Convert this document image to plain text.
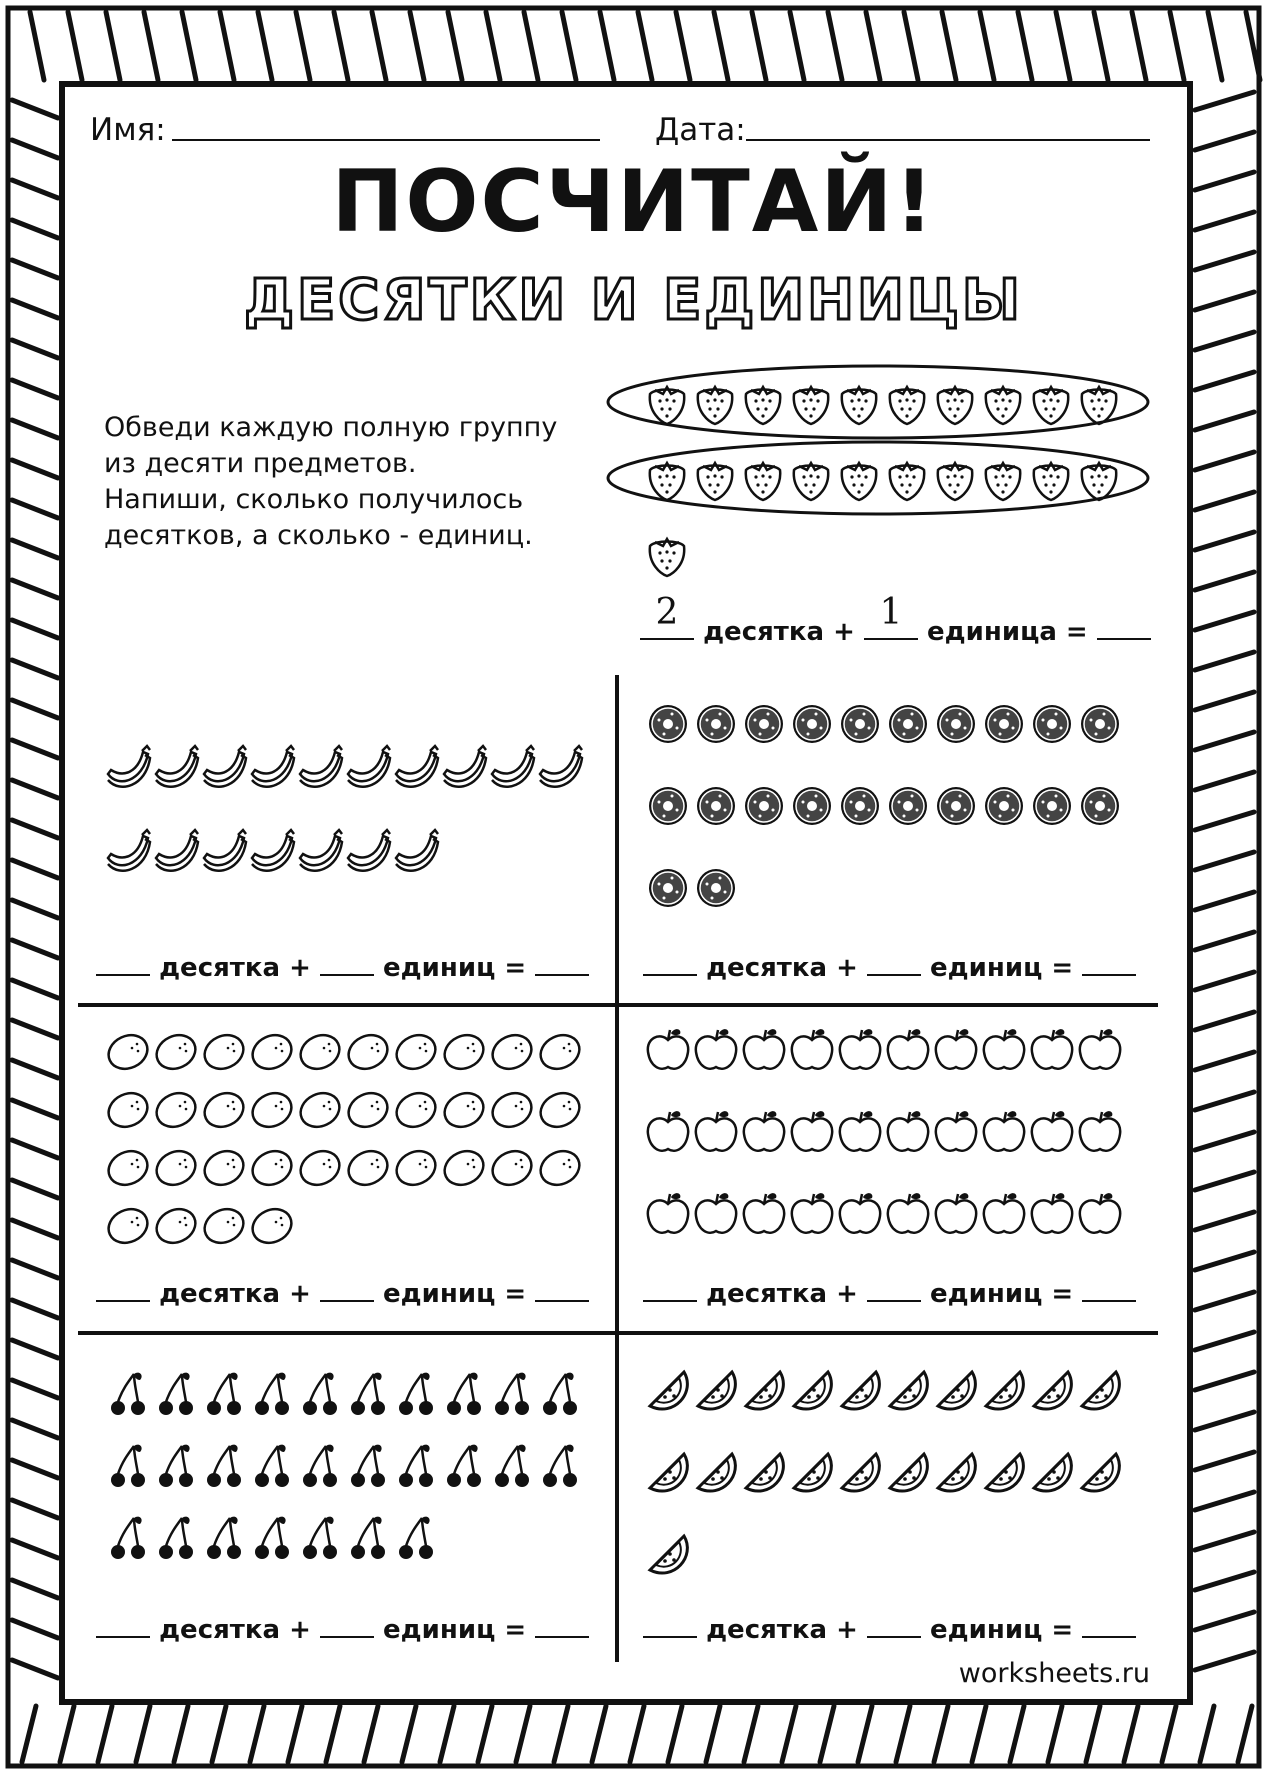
Имя:	Дата:
ПОСЧИТАЙ!
ДЕСЯТКИ И ЕДИНИЦЫ
Обведи каждую полную группу
из десяти предметов.
Напиши, сколько получилось
десятков, а сколько - единиц.
2 десятка + 1 единица =
десятка +	единиц =	десятка +	единиц =
десятка +	единиц =	десятка +	единиц =
десятка +	единиц =	десятка +	единиц =
worksheets.ru
